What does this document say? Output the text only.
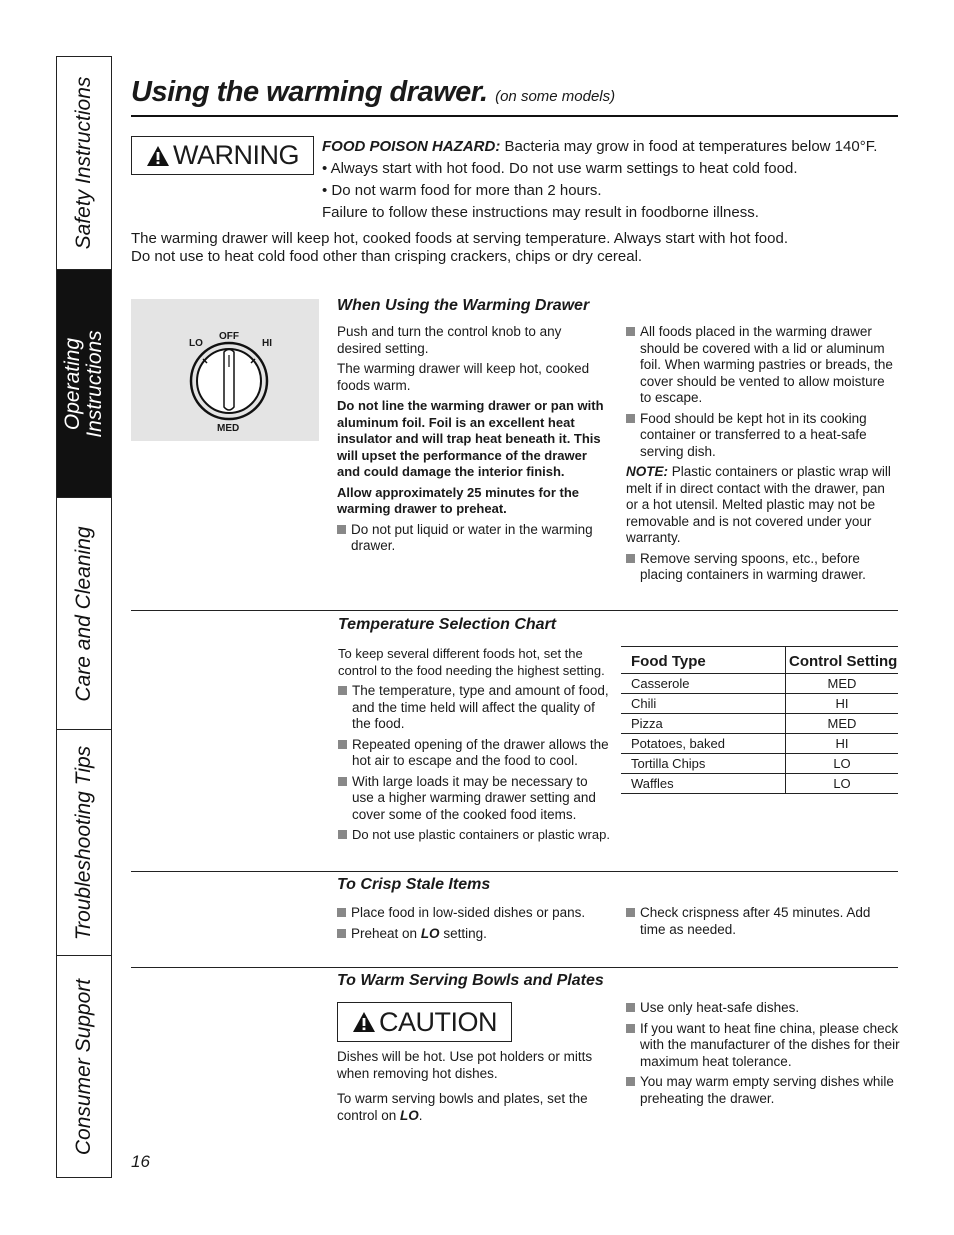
Safety Instructions
Operating
Instructions
Care and Cleaning
Troubleshooting Tips
Consumer Support
Using the warming drawer. (on some models)
WARNING FOOD POISON HAZARD: Bacteria may grow in food at temperatures below 140°F.
• Always start with hot food. Do not use warm settings to heat cold food.
• Do not warm food for more than 2 hours.
Failure to follow these instructions may result in foodborne illness.
The warming drawer will keep hot, cooked foods at serving temperature. Always start with hot food.
Do not use to heat cold food other than crisping crackers, chips or dry cereal.
LO
OFF
HI
MED
When Using the Warming Drawer
Push and turn the control knob to any desired setting.
The warming drawer will keep hot, cooked foods warm.
Do not line the warming drawer or pan with aluminum foil. Foil is an excellent heat insulator and will trap heat beneath it. This will upset the performance of the drawer and could damage the interior finish.
Allow approximately 25 minutes for the warming drawer to preheat.
Do not put liquid or water in the warming drawer.
All foods placed in the warming drawer should be covered with a lid or aluminum foil. When warming pastries or breads, the cover should be vented to allow moisture to escape.
Food should be kept hot in its cooking container or transferred to a heat-safe serving dish.
NOTE: Plastic containers or plastic wrap will melt if in direct contact with the drawer, pan or a hot utensil. Melted plastic may not be removable and is not covered under your warranty.
Remove serving spoons, etc., before placing containers in warming drawer.
Temperature Selection Chart
To keep several different foods hot, set the control to the food needing the highest setting.
The temperature, type and amount of food, and the time held will affect the quality of the food.
Repeated opening of the drawer allows the hot air to escape and the food to cool.
With large loads it may be necessary to use a higher warming drawer setting and cover some of the cooked food items.
Do not use plastic containers or plastic wrap.
Food Type	Control Setting
Casserole	MED
Chili	HI
Pizza	MED
Potatoes, baked	HI
Tortilla Chips	LO
Waffles	LO
To Crisp Stale Items
Place food in low-sided dishes or pans.
Preheat on LO setting.
Check crispness after 45 minutes. Add time as needed.
To Warm Serving Bowls and Plates
CAUTION
Dishes will be hot. Use pot holders or mitts when removing hot dishes.
To warm serving bowls and plates, set the control on LO.
Use only heat-safe dishes.
If you want to heat fine china, please check with the manufacturer of the dishes for their maximum heat tolerance.
You may warm empty serving dishes while preheating the drawer.
16
